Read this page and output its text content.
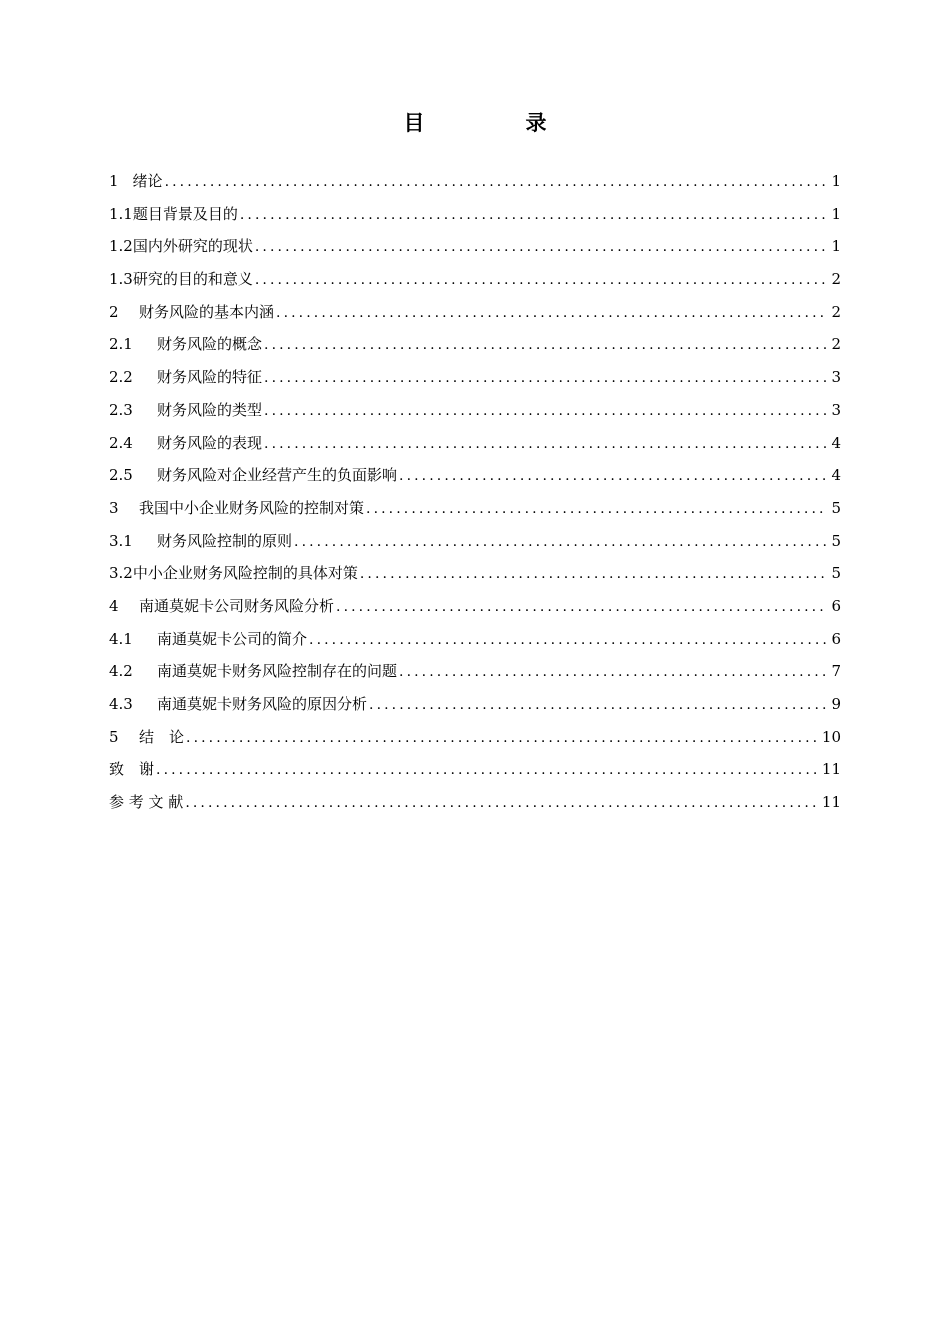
目　录
1 绪论 .....	1
1.1 题目背景及目的 .....	1
1.2 国内外研究的现状 .....	1
1.3 研究的目的和意义 .....	2
2	财务风险的基本内涵 .....	2
2.1	财务风险的概念 .....	2
2.2	财务风险的特征 .....	3
2.3	财务风险的类型 .....	3
2.4	财务风险的表现 .....	4
2.5	财务风险对企业经营产生的负面影响 .....	4
3	我国中小企业财务风险的控制对策 .....	5
3.1	财务风险控制的原则 .....	5
3.2 中小企业财务风险控制的具体对策 .....	5
4	南通莫妮卡公司财务风险分析 .....	6
4.1	南通莫妮卡公司的简介 .....	6
4.2	南通莫妮卡财务风险控制存在的问题 .....	7
4.3	南通莫妮卡财务风险的原因分析 .....	9
5	结　论 .....	10
致　谢 .....	11
参 考 文 献 .....	11
